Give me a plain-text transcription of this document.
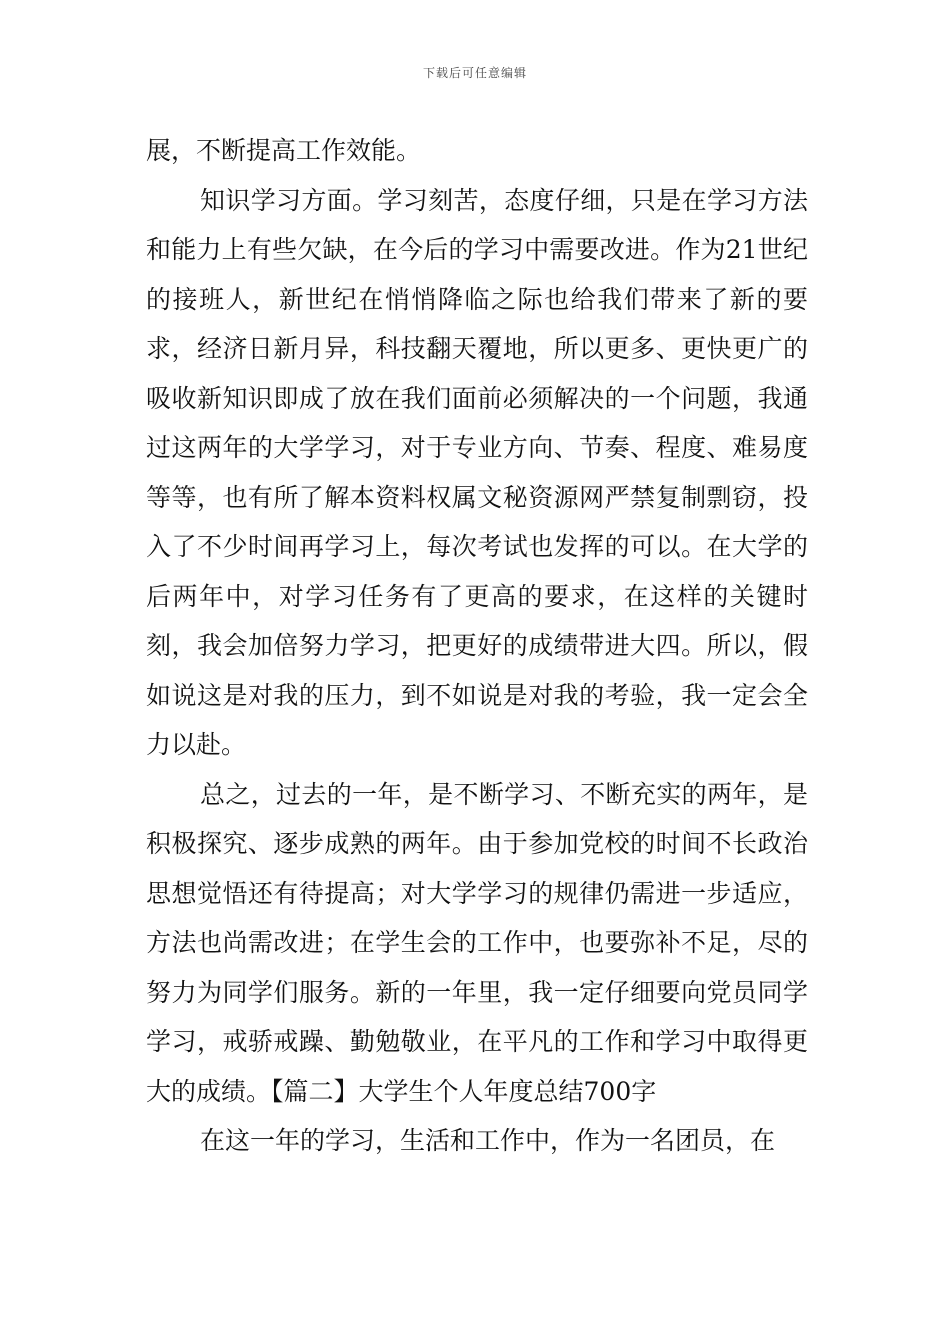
下载后可任意编辑

展，不断提高工作效能。

知识学习方面。学习刻苦，态度仔细，只是在学习方法和能力上有些欠缺，在今后的学习中需要改进。作为21世纪的接班人，新世纪在悄悄降临之际也给我们带来了新的要求，经济日新月异，科技翻天覆地，所以更多、更快更广的吸收新知识即成了放在我们面前必须解决的一个问题，我通过这两年的大学学习，对于专业方向、节奏、程度、难易度等等，也有所了解本资料权属文秘资源网严禁复制剽窃，投入了不少时间再学习上，每次考试也发挥的可以。在大学的后两年中，对学习任务有了更高的要求，在这样的关键时刻，我会加倍努力学习，把更好的成绩带进大四。所以，假如说这是对我的压力，到不如说是对我的考验，我一定会全力以赴。

总之，过去的一年，是不断学习、不断充实的两年，是积极探究、逐步成熟的两年。由于参加党校的时间不长政治思想觉悟还有待提高；对大学学习的规律仍需进一步适应，方法也尚需改进；在学生会的工作中，也要弥补不足，尽的努力为同学们服务。新的一年里，我一定仔细要向党员同学学习，戒骄戒躁、勤勉敬业，在平凡的工作和学习中取得更大的成绩。【篇二】大学生个人年度总结700字

在这一年的学习，生活和工作中，作为一名团员，在
